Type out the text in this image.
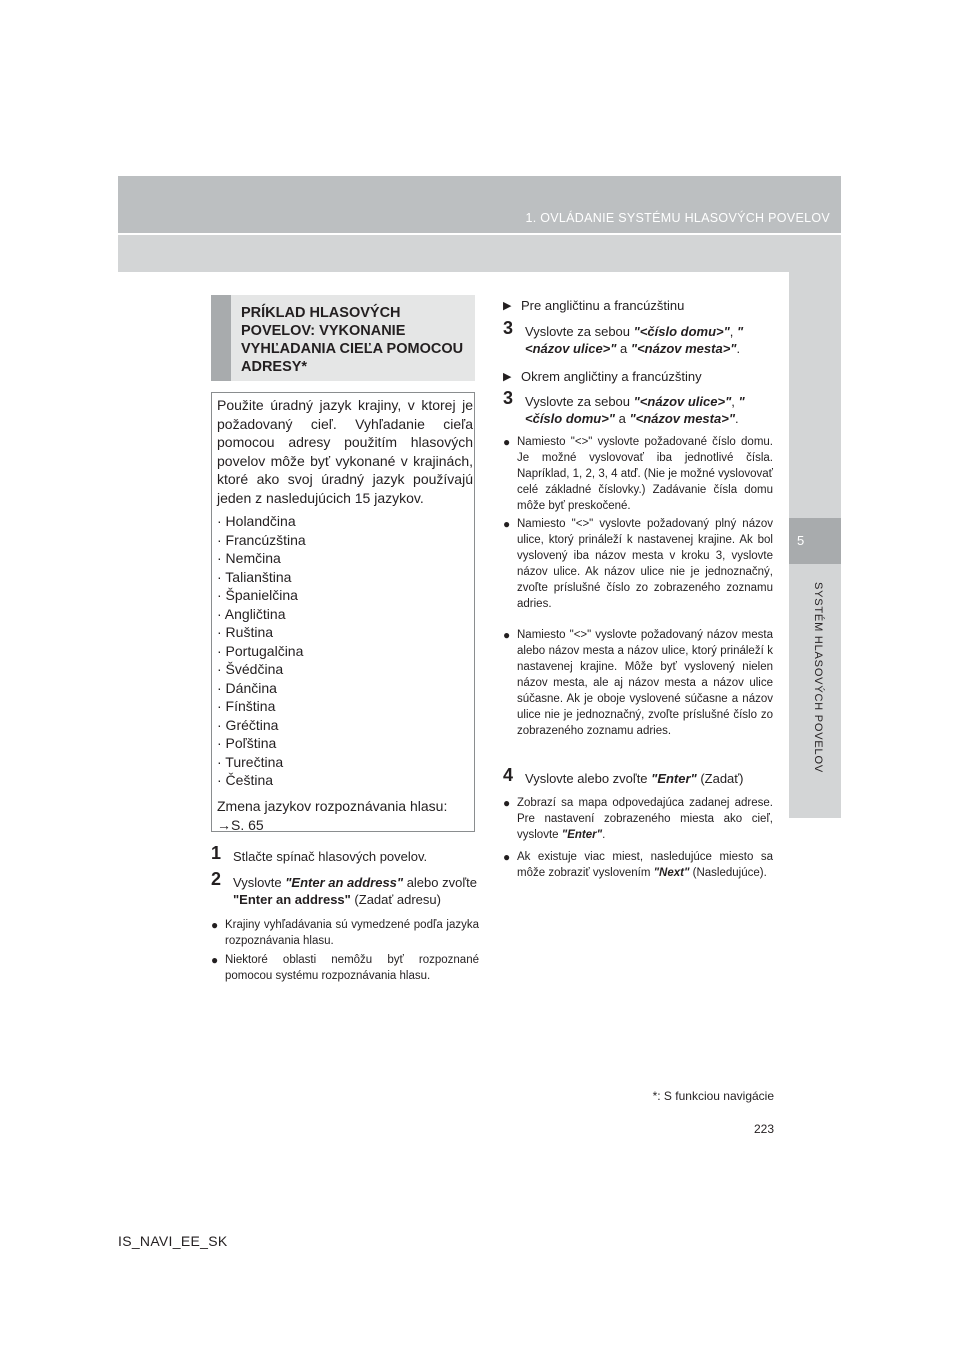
1. OVLÁDANIE SYSTÉMU HLASOVÝCH POVELOV
5
SYSTÉM HLASOVÝCH POVELOV
PRÍKLAD HLASOVÝCH POVELOV: VYKONANIE VYHĽADANIA CIEĽA POMOCOU ADRESY*
Použite úradný jazyk krajiny, v ktorej je požadovaný cieľ. Vyhľadanie cieľa pomocou adresy použitím hlasových povelov môže byť vykonané v krajinách, ktoré ako svoj úradný jazyk používajú jeden z nasledujúcich 15 jazykov.
· Holandčina
· Francúzština
· Nemčina
· Talianština
· Španielčina
· Angličtina
· Ruština
· Portugalčina
· Švédčina
· Dánčina
· Fínština
· Gréčtina
· Poľština
· Turečtina
· Čeština
Zmena jazykov rozpoznávania hlasu:
→S. 65
1 Stlačte spínač hlasových povelov.
2 Vyslovte "Enter an address" alebo zvoľte "Enter an address" (Zadať adresu)
● Krajiny vyhľadávania sú vymedzené podľa jazyka rozpoznávania hlasu.
● Niektoré oblasti nemôžu byť rozpoznané pomocou systému rozpoznávania hlasu.
▶ Pre angličtinu a francúzštinu
3 Vyslovte za sebou "<číslo domu>", "<názov ulice>" a "<názov mesta>".
▶ Okrem angličtiny a francúzštiny
3 Vyslovte za sebou "<názov ulice>", "<číslo domu>" a "<názov mesta>".
● Namiesto "<>" vyslovte požadované číslo domu. Je možné vyslovovať iba jednotlivé čísla. Napríklad, 1, 2, 3, 4 atď. (Nie je možné vyslovovať celé základné číslovky.) Zadávanie čísla domu môže byť preskočené.
● Namiesto "<>" vyslovte požadovaný plný názov ulice, ktorý prináleží k nastavenej krajine. Ak bol vyslovený iba názov mesta v kroku 3, vyslovte názov ulice. Ak názov ulice nie je jednoznačný, zvoľte príslušné číslo zo zobrazeného zoznamu adries.
● Namiesto "<>" vyslovte požadovaný názov mesta alebo názov mesta a názov ulice, ktorý prináleží k nastavenej krajine. Môže byť vyslovený nielen názov mesta, ale aj názov mesta a názov ulice súčasne. Ak je oboje vyslovené súčasne a názov ulice nie je jednoznačný, zvoľte príslušné číslo zo zobrazeného zoznamu adries.
4 Vyslovte alebo zvoľte "Enter" (Zadať)
● Zobrazí sa mapa odpovedajúca zadanej adrese. Pre nastavení zobrazeného miesta ako cieľ, vyslovte "Enter".
● Ak existuje viac miest, nasledujúce miesto sa môže zobraziť vyslovením "Next" (Nasledujúce).
*: S funkciou navigácie
223
IS_NAVI_EE_SK
